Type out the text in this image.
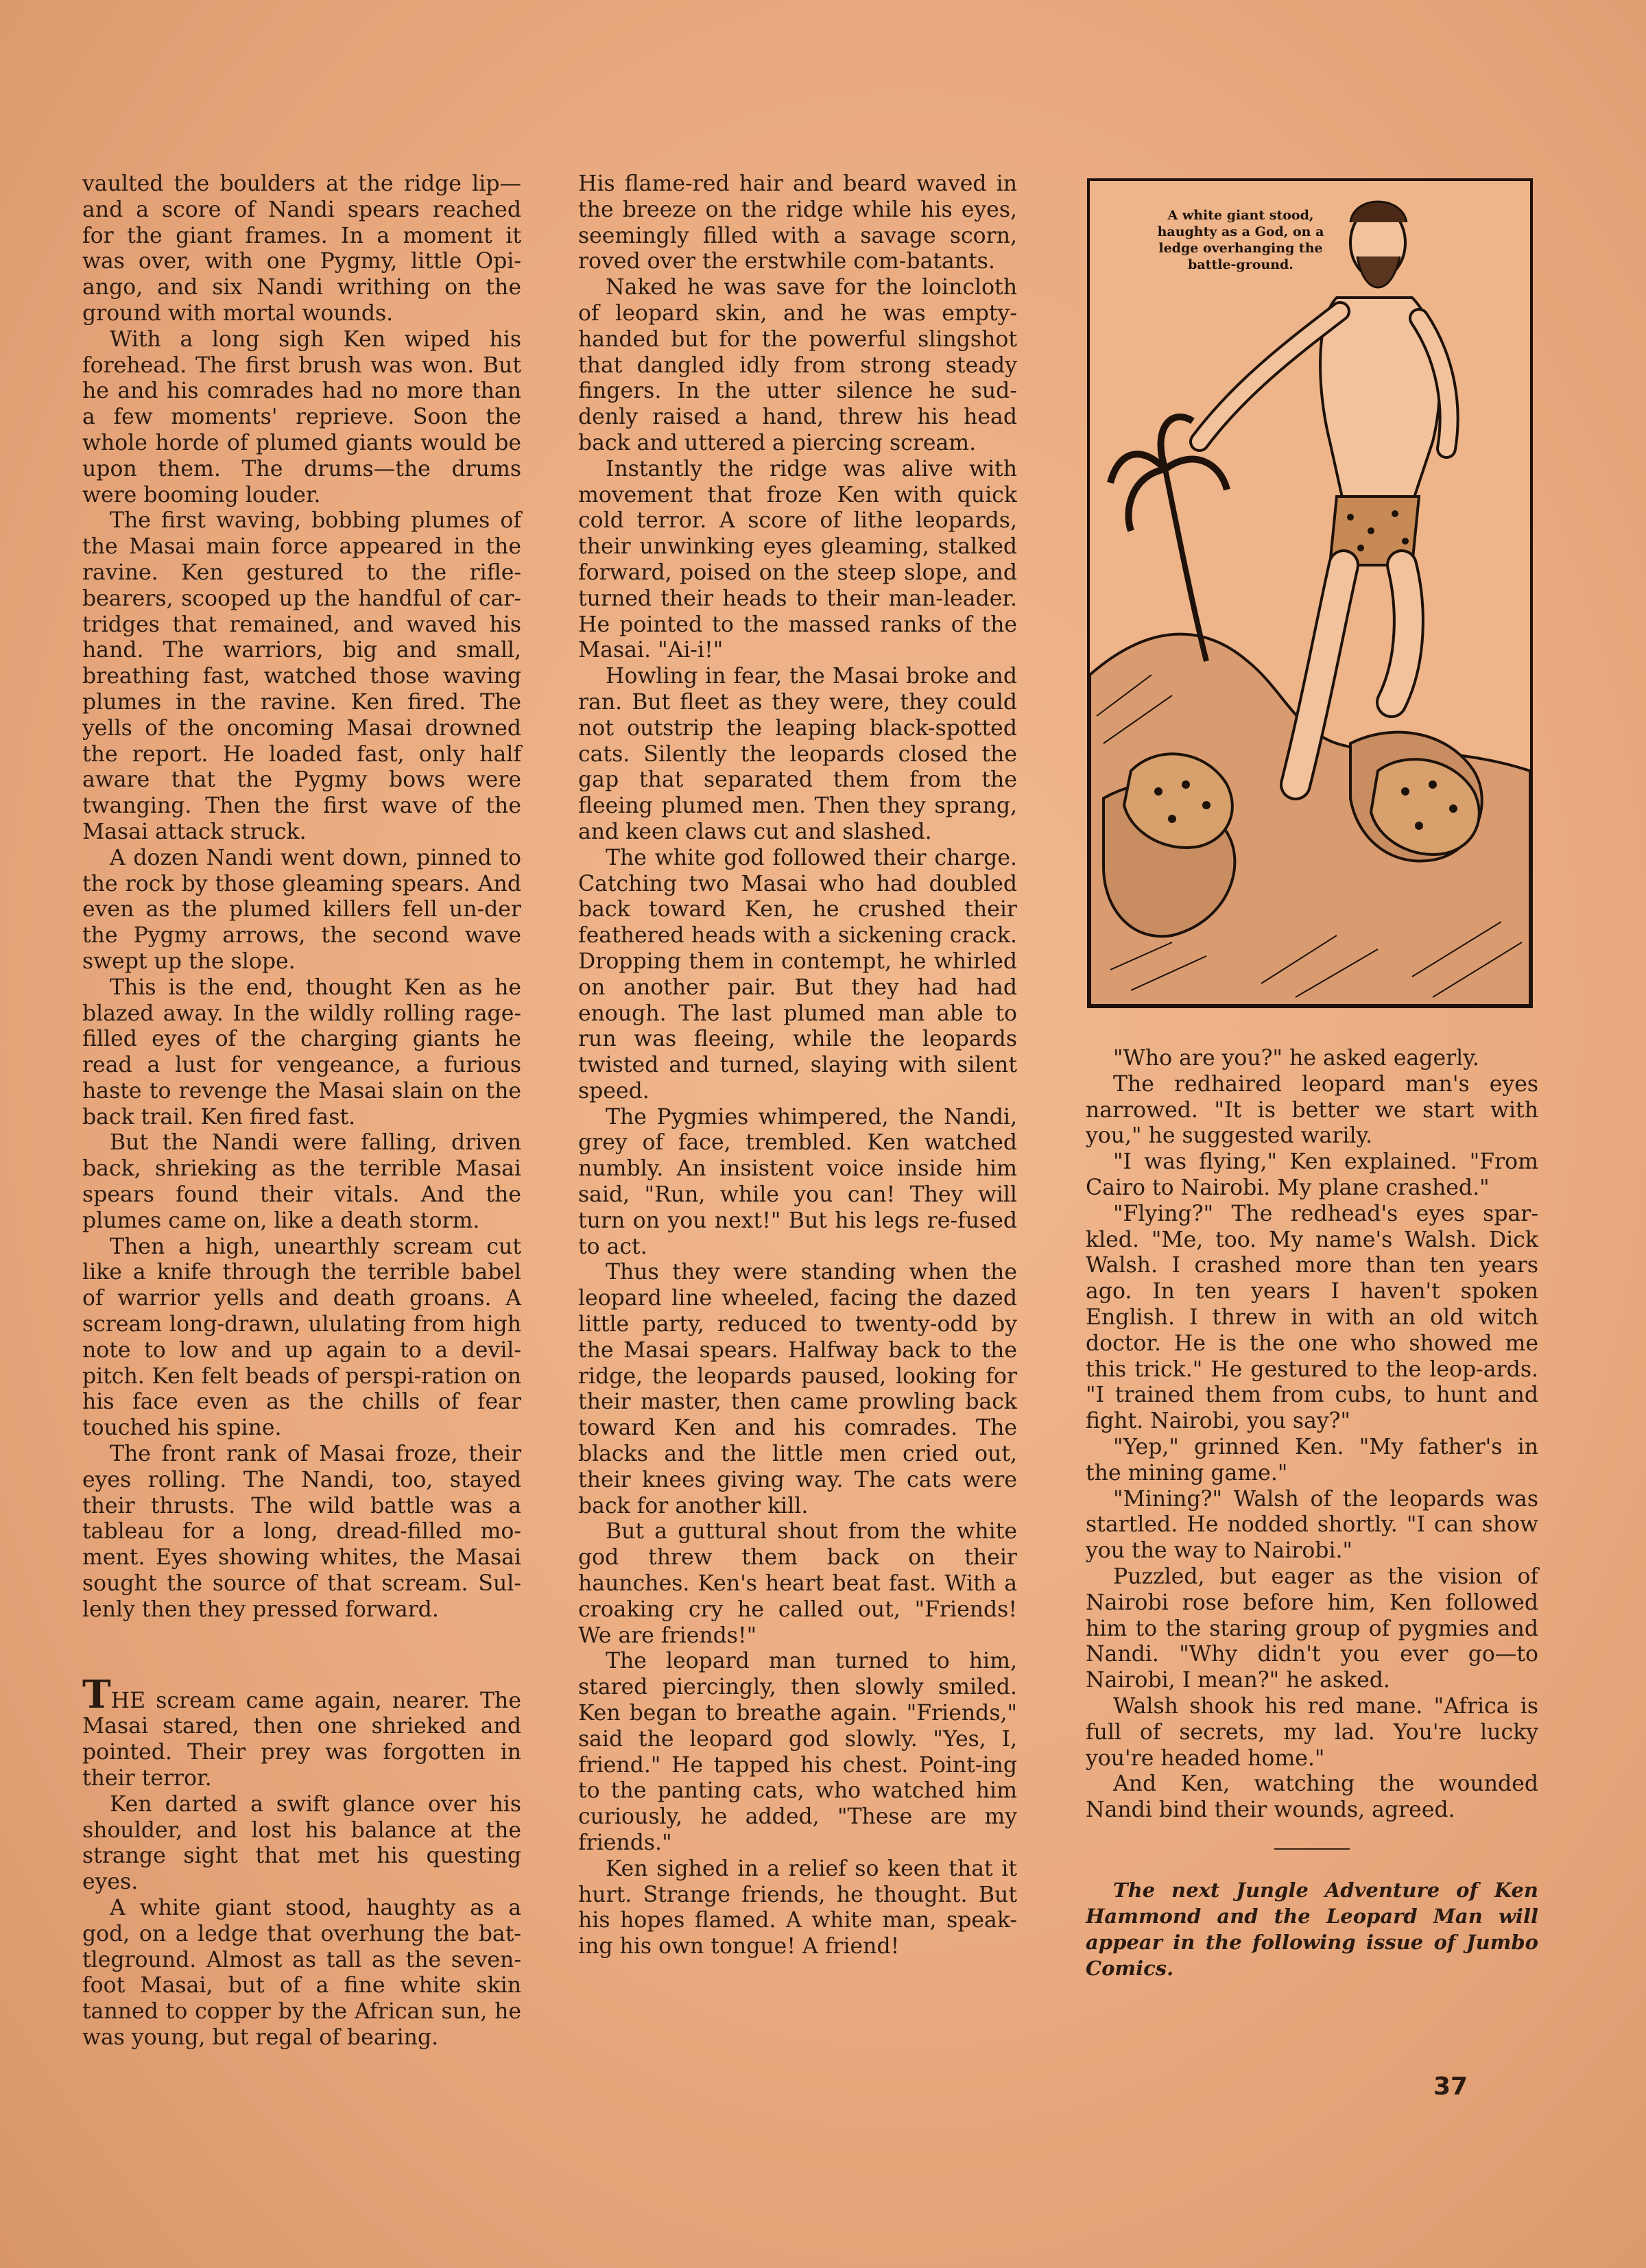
vaulted the boulders at the ridge lip—and a score of Nandi spears reached for the giant frames. In a moment it was over, with one Pygmy, little Opi-ango, and six Nandi writhing on the ground with mortal wounds.

With a long sigh Ken wiped his forehead. The first brush was won. But he and his comrades had no more than a few moments' reprieve. Soon the whole horde of plumed giants would be upon them. The drums—the drums were booming louder.

The first waving, bobbing plumes of the Masai main force appeared in the ravine. Ken gestured to the rifle-bearers, scooped up the handful of car-tridges that remained, and waved his hand. The warriors, big and small, breathing fast, watched those waving plumes in the ravine. Ken fired. The yells of the oncoming Masai drowned the report. He loaded fast, only half aware that the Pygmy bows were twanging. Then the first wave of the Masai attack struck.

A dozen Nandi went down, pinned to the rock by those gleaming spears. And even as the plumed killers fell un-der the Pygmy arrows, the second wave swept up the slope.

This is the end, thought Ken as he blazed away. In the wildly rolling rage-filled eyes of the charging giants he read a lust for vengeance, a furious haste to revenge the Masai slain on the back trail. Ken fired fast.

But the Nandi were falling, driven back, shrieking as the terrible Masai spears found their vitals. And the plumes came on, like a death storm.

Then a high, unearthly scream cut like a knife through the terrible babel of warrior yells and death groans. A scream long-drawn, ululating from high note to low and up again to a devil-pitch. Ken felt beads of perspi-ration on his face even as the chills of fear touched his spine.

The front rank of Masai froze, their eyes rolling. The Nandi, too, stayed their thrusts. The wild battle was a tableau for a long, dread-filled mo-ment. Eyes showing whites, the Masai sought the source of that scream. Sul-lenly then they pressed forward.

THE scream came again, nearer. The Masai stared, then one shrieked and pointed. Their prey was forgotten in their terror.

Ken darted a swift glance over his shoulder, and lost his balance at the strange sight that met his questing eyes.

A white giant stood, haughty as a god, on a ledge that overhung the bat-tleground. Almost as tall as the seven-foot Masai, but of a fine white skin tanned to copper by the African sun, he was young, but regal of bearing.

His flame-red hair and beard waved in the breeze on the ridge while his eyes, seemingly filled with a savage scorn, roved over the erstwhile com-batants.

Naked he was save for the loincloth of leopard skin, and he was empty-handed but for the powerful slingshot that dangled idly from strong steady fingers. In the utter silence he sud-denly raised a hand, threw his head back and uttered a piercing scream.

Instantly the ridge was alive with movement that froze Ken with quick cold terror. A score of lithe leopards, their unwinking eyes gleaming, stalked forward, poised on the steep slope, and turned their heads to their man-leader. He pointed to the massed ranks of the Masai. "Ai-i!"

Howling in fear, the Masai broke and ran. But fleet as they were, they could not outstrip the leaping black-spotted cats. Silently the leopards closed the gap that separated them from the fleeing plumed men. Then they sprang, and keen claws cut and slashed.

The white god followed their charge. Catching two Masai who had doubled back toward Ken, he crushed their feathered heads with a sickening crack. Dropping them in contempt, he whirled on another pair. But they had had enough. The last plumed man able to run was fleeing, while the leopards twisted and turned, slaying with silent speed.

The Pygmies whimpered, the Nandi, grey of face, trembled. Ken watched numbly. An insistent voice inside him said, "Run, while you can! They will turn on you next!" But his legs re-fused to act.

Thus they were standing when the leopard line wheeled, facing the dazed little party, reduced to twenty-odd by the Masai spears. Halfway back to the ridge, the leopards paused, looking for their master, then came prowling back toward Ken and his comrades. The blacks and the little men cried out, their knees giving way. The cats were back for another kill.

But a guttural shout from the white god threw them back on their haunches. Ken's heart beat fast. With a croaking cry he called out, "Friends! We are friends!"

The leopard man turned to him, stared piercingly, then slowly smiled. Ken began to breathe again. "Friends," said the leopard god slowly. "Yes, I, friend." He tapped his chest. Point-ing to the panting cats, who watched him curiously, he added, "These are my friends."

Ken sighed in a relief so keen that it hurt. Strange friends, he thought. But his hopes flamed. A white man, speak-ing his own tongue! A friend!

A white giant stood, haughty as a God, on a ledge overhanging the battle-ground.

"Who are you?" he asked eagerly.

The redhaired leopard man's eyes narrowed. "It is better we start with you," he suggested warily.

"I was flying," Ken explained. "From Cairo to Nairobi. My plane crashed."

"Flying?" The redhead's eyes spar-kled. "Me, too. My name's Walsh. Dick Walsh. I crashed more than ten years ago. In ten years I haven't spoken English. I threw in with an old witch doctor. He is the one who showed me this trick." He gestured to the leop-ards. "I trained them from cubs, to hunt and fight. Nairobi, you say?"

"Yep," grinned Ken. "My father's in the mining game."

"Mining?" Walsh of the leopards was startled. He nodded shortly. "I can show you the way to Nairobi."

Puzzled, but eager as the vision of Nairobi rose before him, Ken followed him to the staring group of pygmies and Nandi. "Why didn't you ever go—to Nairobi, I mean?" he asked.

Walsh shook his red mane. "Africa is full of secrets, my lad. You're lucky you're headed home."

And Ken, watching the wounded Nandi bind their wounds, agreed.

The next Jungle Adventure of Ken Hammond and the Leopard Man will appear in the following issue of Jumbo Comics.

37
